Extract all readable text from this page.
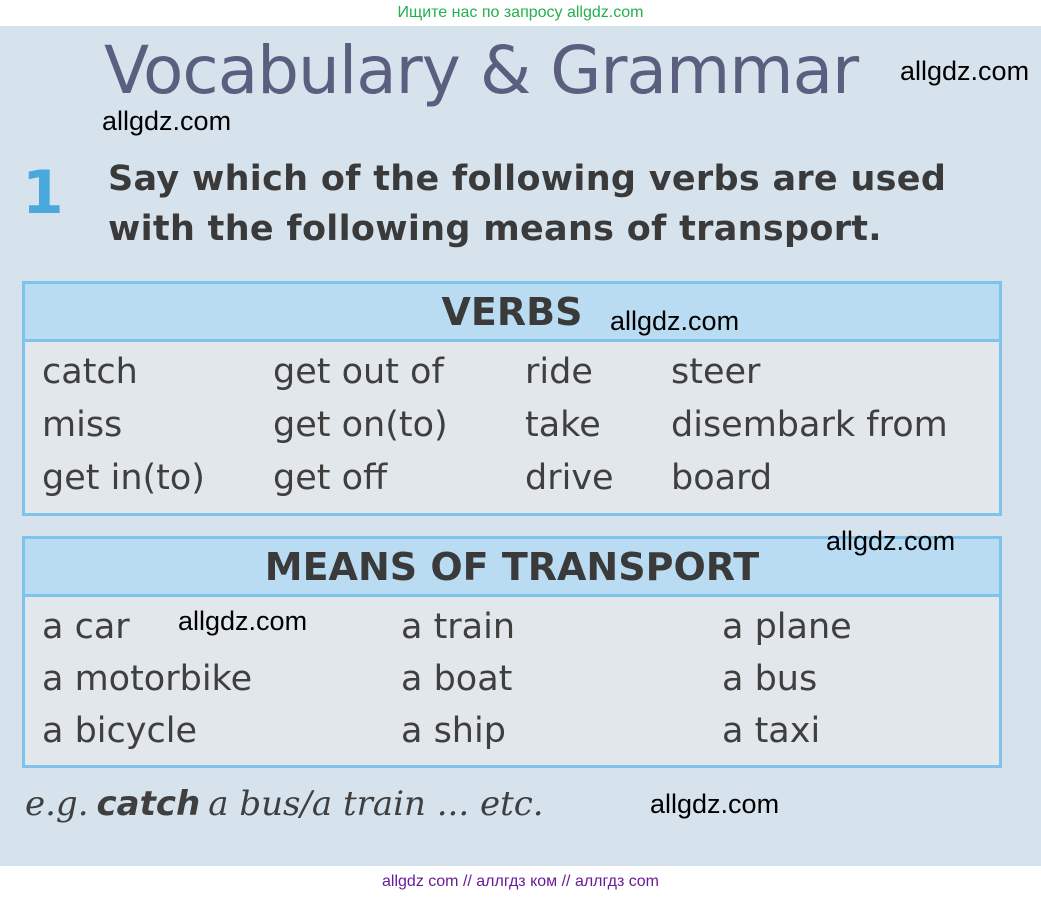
Ищите нас по запросу allgdz.com
Vocabulary & Grammar
1 Say which of the following verbs are used with the following means of transport.
VERBS
catch
miss
get in(to)
get out of
get on(to)
get off
ride
take
drive
steer
disembark from
board
MEANS OF TRANSPORT
a car
a motorbike
a bicycle
a train
a boat
a ship
a plane
a bus
a taxi
e.g. catch a bus/a train ... etc.
allgdz.com
allgdz.com
allgdz.com
allgdz.com
allgdz.com
allgdz.com
allgdz com // аллгдз ком // аллгдз com
